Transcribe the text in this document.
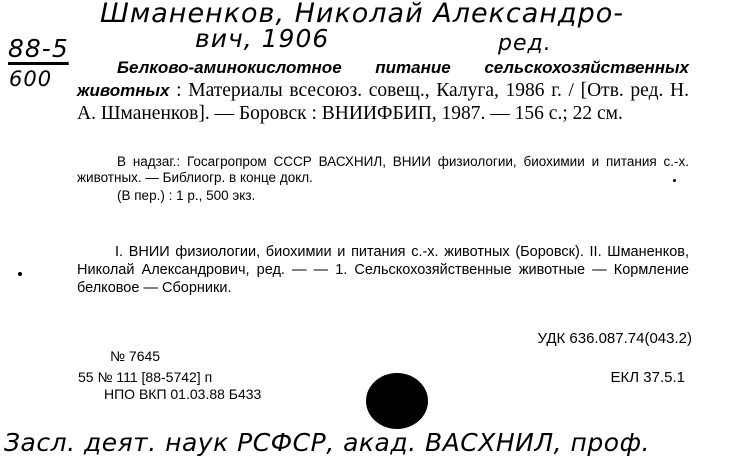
Шманенков, Николай Александро-
вич, 1906	ред.
88-5
600	Белково-аминокислотное питание сельскохозяйственных животных : Материалы всесоюз. совещ., Калуга, 1986 г. / [Отв. ред. Н. А. Шманенков]. — Боровск : ВНИИФБИП, 1987. — 156 с.; 22 см.
В надзаг.: Госагропром СССР ВАСХНИЛ, ВНИИ физиологии, биохимии и питания с.-х. животных. — Библиогр. в конце докл.
(В пер.) : 1 р., 500 экз.
I. ВНИИ физиологии, биохимии и питания с.-х. животных (Боровск). II. Шманенков, Николай Александрович, ред. — — 1. Сельскохозяйственные животные — Кормление белковое — Сборники.
УДК 636.087.74(043.2)
№ 7645
55 № 111 [88-5742] п	ЕКЛ 37.5.1
НПО ВКП 01.03.88 Б433
Засл. деят. наук РСФСР, акад. ВАСХНИЛ, проф.
